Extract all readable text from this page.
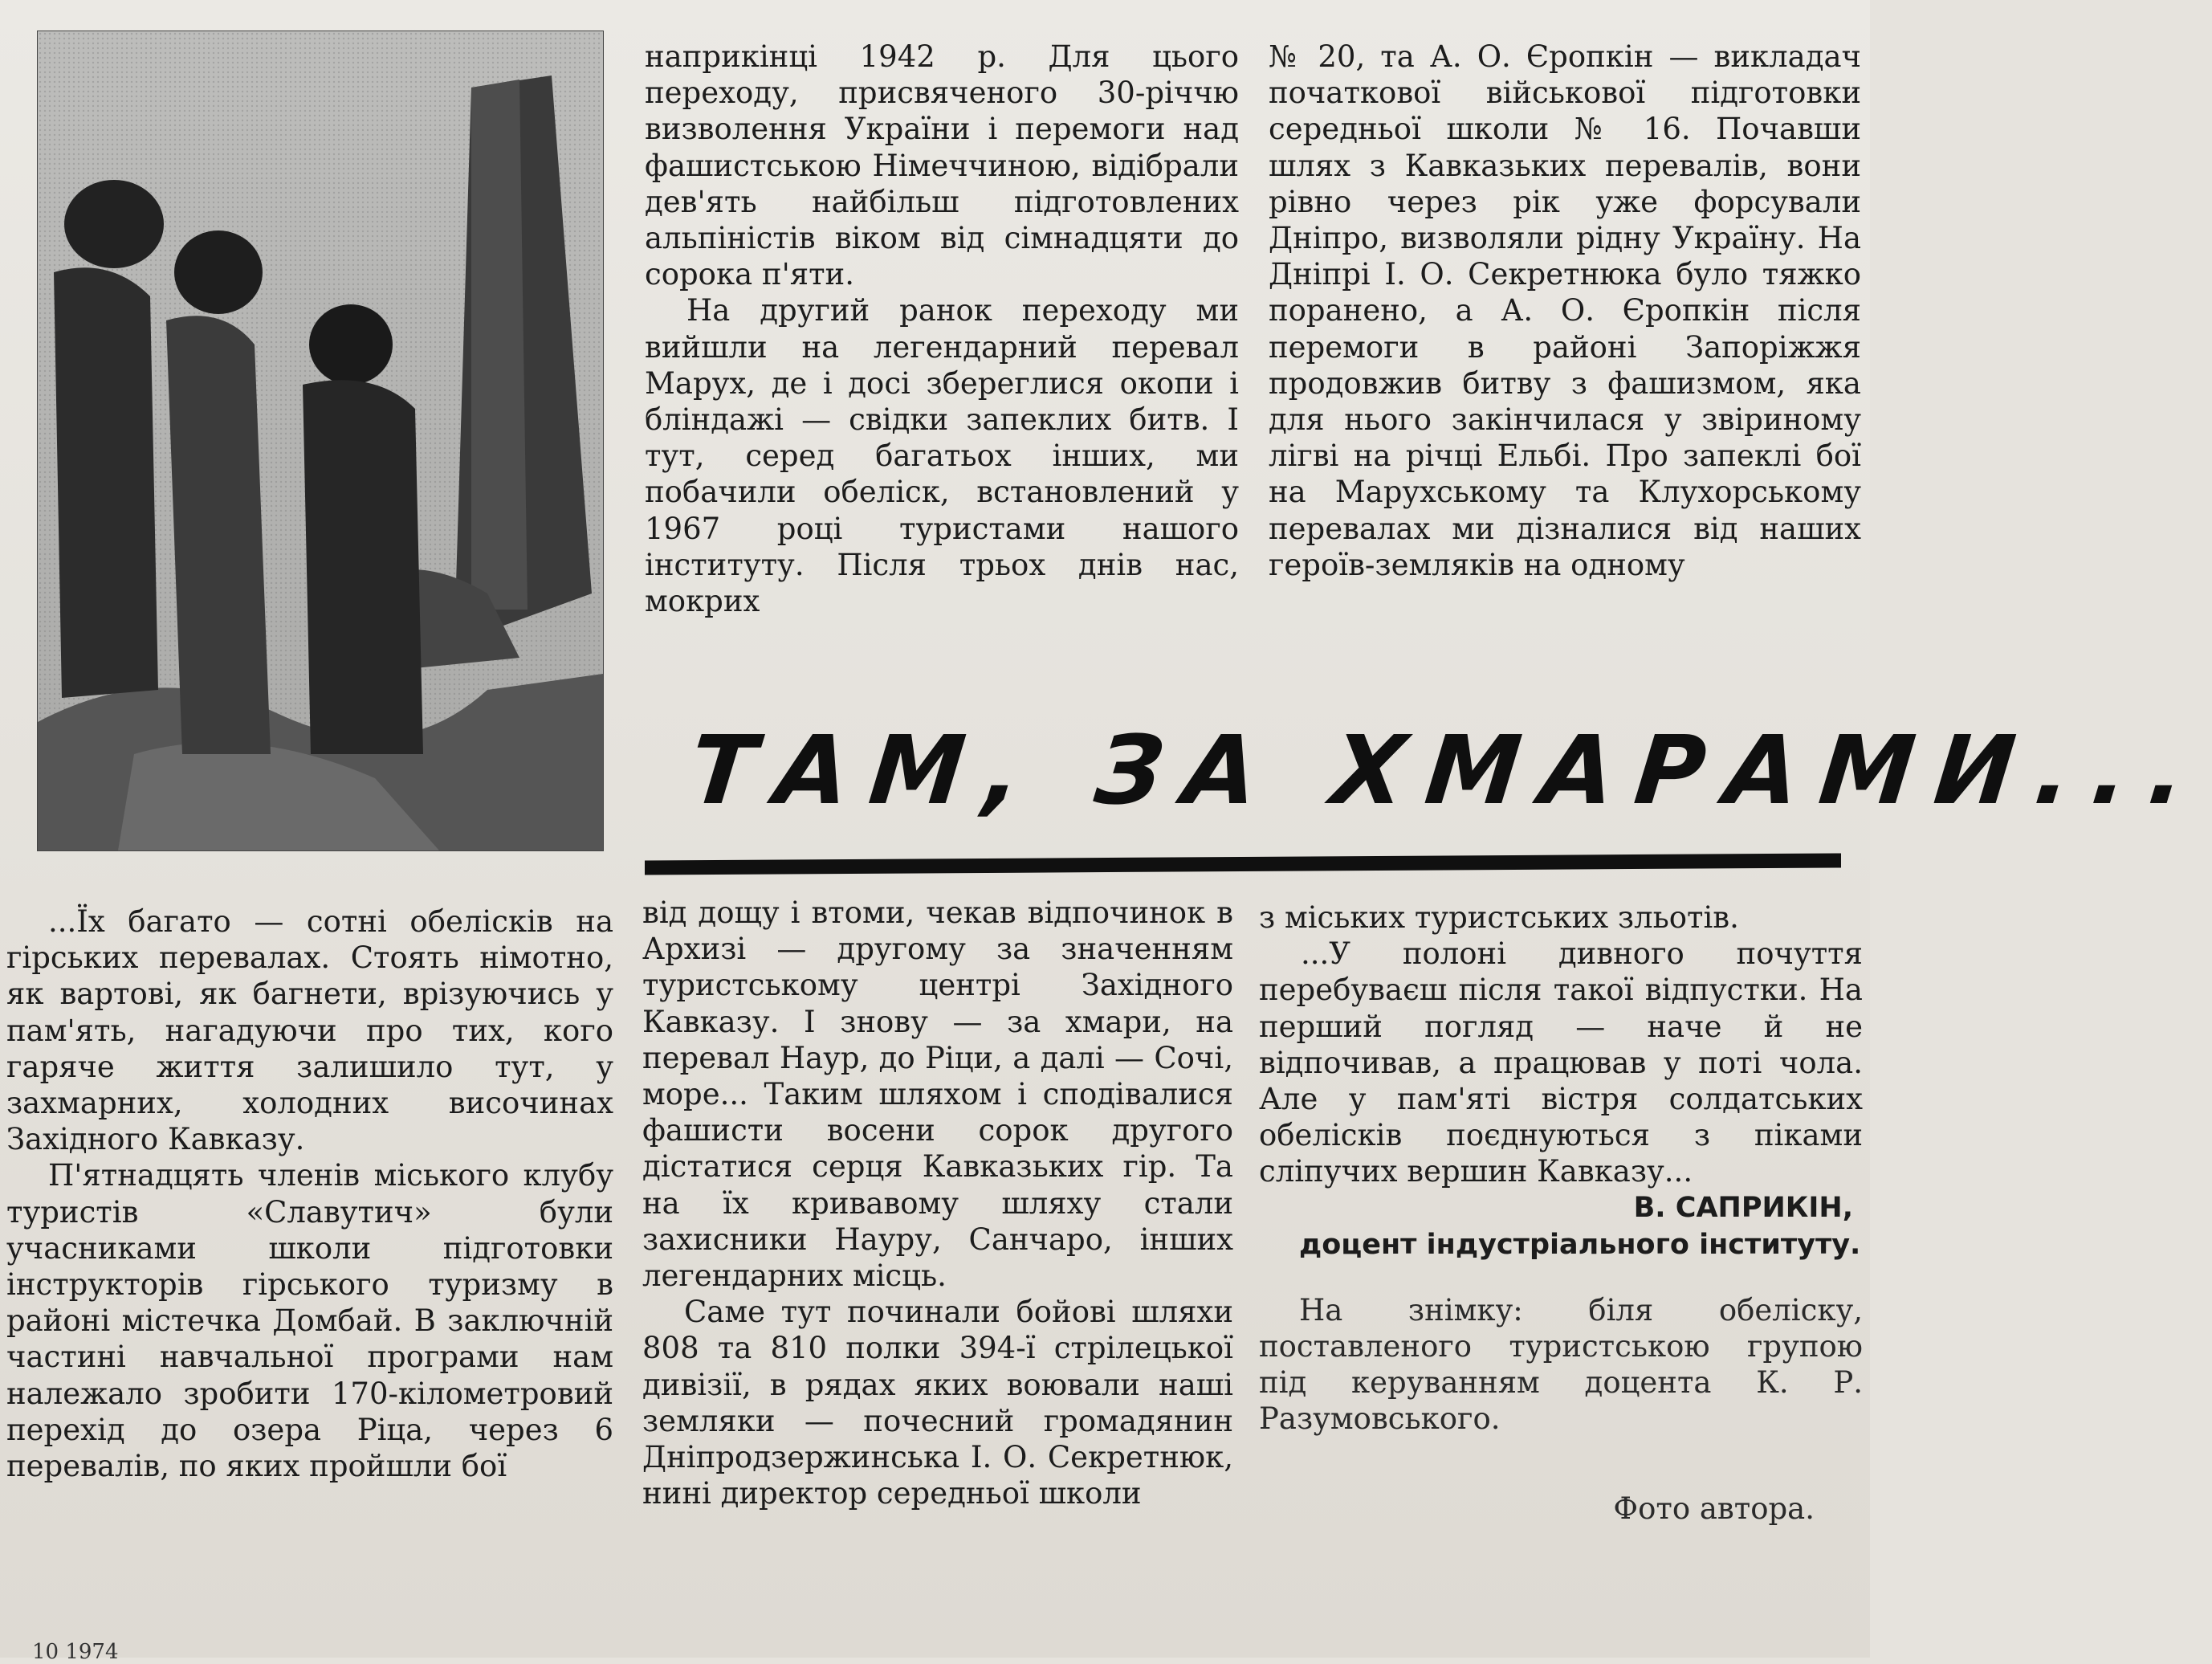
наприкінці 1942 р. Для цього переходу, присвяченого 30-річчю визволення України і перемоги над фашистською Німеччиною, відібрали дев'ять найбільш підготовлених альпіністів віком від сімнадцяти до сорока п'яти.

На другий ранок переходу ми вийшли на легендарний перевал Марух, де і досі збереглися окопи і бліндажі — свідки запеклих битв. І тут, серед багатьох інших, ми побачили обеліск, встановлений у 1967 році туристами нашого інституту. Після трьох днів нас, мокрих

№ 20, та А. О. Єропкін — викладач початкової військової підготовки середньої школи № 16. Почавши шлях з Кавказьких перевалів, вони рівно через рік уже форсували Дніпро, визволяли рідну Україну. На Дніпрі І. О. Секретнюка було тяжко поранено, а А. О. Єропкін після перемоги в районі Запоріжжя продовжив битву з фашизмом, яка для нього закінчилася у звіриному лігві на річці Ельбі. Про запеклі бої на Марухському та Клухорському перевалах ми дізналися від наших героїв-земляків на одному

ТАМ, ЗА ХМАРАМИ...

...Їх багато — сотні обелісків на гірських перевалах. Стоять німотно, як вартові, як багнети, врізуючись у пам'ять, нагадуючи про тих, кого гаряче життя залишило тут, у захмарних, холодних височинах Західного Кавказу.

П'ятнадцять членів міського клубу туристів «Славутич» були учасниками школи підготовки інструкторів гірського туризму в районі містечка Домбай. В заключній частині навчальної програми нам належало зробити 170-кілометровий перехід до озера Ріца, через 6 перевалів, по яких пройшли бої

від дощу і втоми, чекав відпочинок в Архизі — другому за значенням туристському центрі Західного Кавказу. І знову — за хмари, на перевал Наур, до Ріци, а далі — Сочі, море... Таким шляхом і сподівалися фашисти восени сорок другого дістатися серця Кавказьких гір. Та на їх кривавому шляху стали захисники Науру, Санчаро, інших легендарних місць.

Саме тут починали бойові шляхи 808 та 810 полки 394-ї стрілецької дивізії, в рядах яких воювали наші земляки — почесний громадянин Дніпродзержинська І. О. Секретнюк, нині директор середньої школи

з міських туристських зльотів.

...У полоні дивного почуття перебуваєш після такої відпустки. На перший погляд — наче й не відпочивав, а працював у поті чола. Але у пам'яті вістря солдатських обелісків поєднуються з піками сліпучих вершин Кавказу...

В. САПРИКІН,

доцент індустріального інституту.

На знімку: біля обеліску, поставленого туристською групою під керуванням доцента К. Р. Разумовського.

Фото автора.

10 1974
